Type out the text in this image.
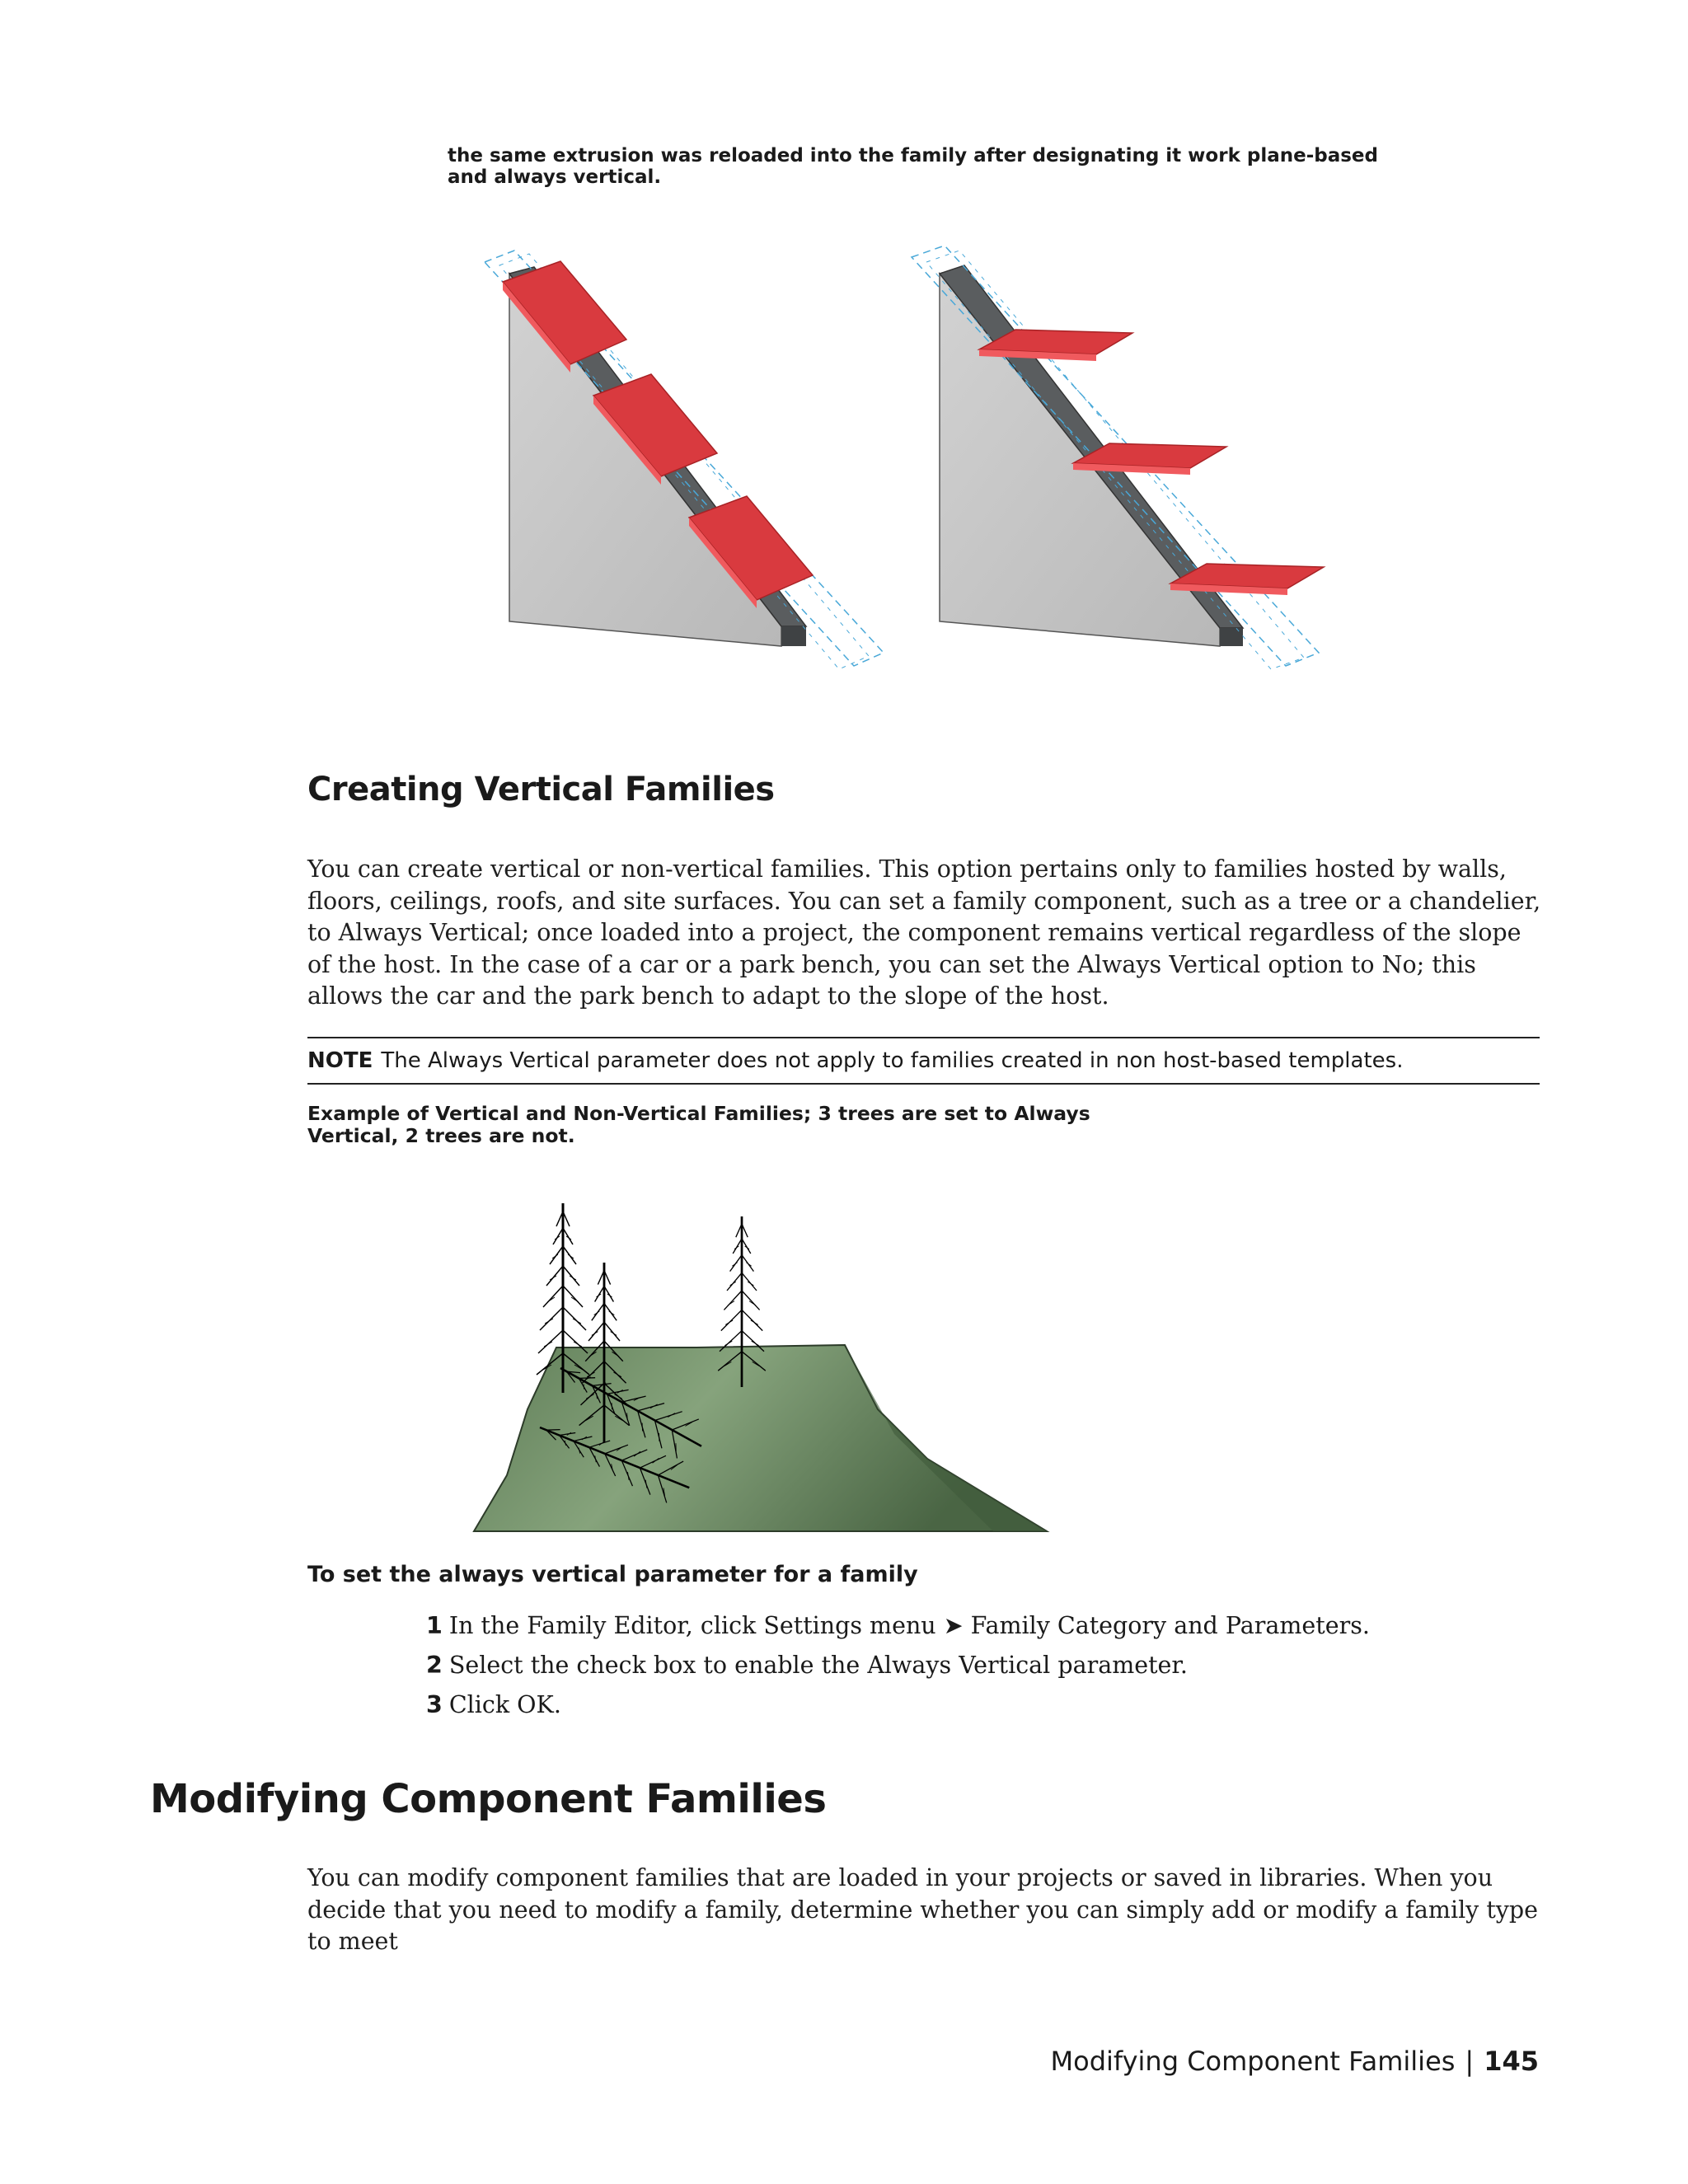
the same extrusion was reloaded into the family after designating it work plane-based and always vertical.
Creating Vertical Families
You can create vertical or non-vertical families. This option pertains only to families hosted by walls, floors, ceilings, roofs, and site surfaces. You can set a family component, such as a tree or a chandelier, to Always Vertical; once loaded into a project, the component remains vertical regardless of the slope of the host. In the case of a car or a park bench, you can set the Always Vertical option to No; this allows the car and the park bench to adapt to the slope of the host.
NOTE The Always Vertical parameter does not apply to families created in non host-based templates.
Example of Vertical and Non-Vertical Families; 3 trees are set to Always Vertical, 2 trees are not.
To set the always vertical parameter for a family
1 In the Family Editor, click Settings menu ➤ Family Category and Parameters.
2 Select the check box to enable the Always Vertical parameter.
3 Click OK.
Modifying Component Families
You can modify component families that are loaded in your projects or saved in libraries. When you decide that you need to modify a family, determine whether you can simply add or modify a family type to meet
Modifying Component Families | 145
